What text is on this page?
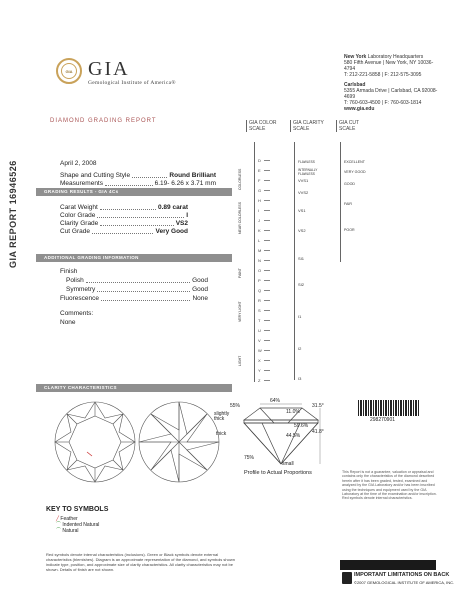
GIA GIA
Gemological Institute of America®
New York Laboratory Headquarters
580 Fifth Avenue | New York, NY 10036-4794
T: 212-221-5858 | F: 212-575-3095
Carlsbad
5355 Armada Drive | Carlsbad, CA 92008-4699
T: 760-603-4500 | F: 760-603-1814
www.gia.edu
DIAMOND GRADING REPORT
GIA REPORT 16946526	April 2, 2008
Shape and Cutting Style	Round Brilliant
Measurements	6.19- 6.26 x 3.71 mm
GRADING RESULTS - GIA 4Cs
Carat Weight	0.89 carat
Color Grade	I
Clarity Grade	VS2
Cut Grade	Very Good
ADDITIONAL GRADING INFORMATION
Finish
Polish	Good
Symmetry	Good
Fluorescence	None
Comments:
None
GIA COLOR SCALE
GIA CLARITY SCALE
GIA CUT SCALE
D
E
F
G
H
I
J
K
L
M
N
O
P
Q
R
S
T
U
V
W
X
Y
Z
COLORLESS
NEAR COLORLESS
FAINT
VERY LIGHT
LIGHT
FLAWLESS
INTERNALLY FLAWLESS
VVS1
VVS2
VS1
VS2
SI1
SI2
I1
I2
I3
EXCELLENT
VERY GOOD
GOOD
FAIR
POOR
CLARITY CHARACTERISTICS
64%
55%
slightly thick
thick
11.0%
31.5°
59.6%
44.5%
41.8°
75%
small
Profile to Actual Proportions
KEY TO SYMBOLS
╱ Feather
⌒ Indented Natural
⌒ Natural
Red symbols denote internal characteristics (inclusions). Green or Black symbols denote external characteristics (blemishes). Diagram is an approximate representation of the diamond, and symbols shown indicate type, position, and approximate size of clarity characteristics. All clarity characteristics may not be shown. Details of finish are not shown.
298270901
This Report is not a guarantee, valuation or appraisal and contains only the characteristics of the diamond described herein after it has been graded, tested, examined and analyzed by the GIA Laboratory and/or has been inscribed using the techniques and equipment used by the GIA Laboratory at the time of the examination and/or inscription. Red symbols denote internal characteristics.
IMPORTANT LIMITATIONS ON BACK
©2007 GEMOLOGICAL INSTITUTE OF AMERICA, INC.
